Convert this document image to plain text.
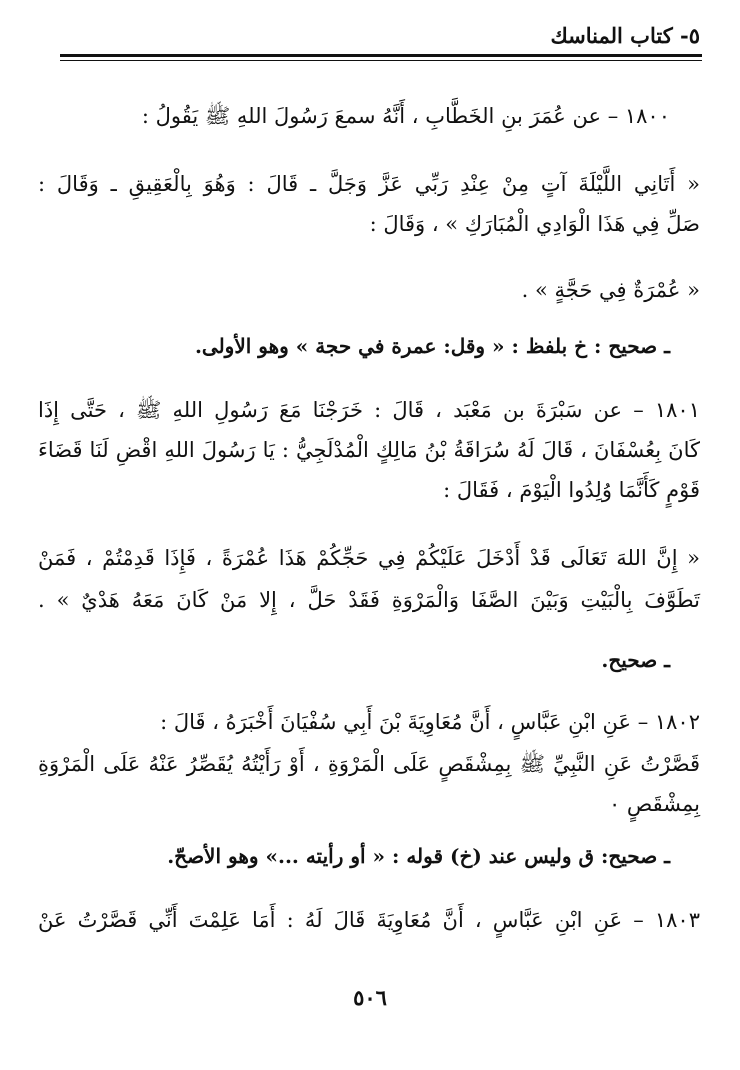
٥- كتاب المناسك
١٨٠٠ – عن عُمَرَ بنِ الخَطَّابِ ، أَنَّهُ سمعَ رَسُولَ اللهِ ﷺ يَقُولُ :
« أَتَانِي اللَّيْلَةَ آتٍ مِنْ عِنْدِ رَبِّي عَزَّ وَجَلَّ ـ قَالَ : وَهُوَ بِالْعَقِيقِ ـ وَقَالَ :
صَلِّ فِي هَذَا الْوَادِي الْمُبَارَكِ » ، وَقَالَ :
« عُمْرَةٌ فِي حَجَّةٍ » .
ـ صحيح : خ بلفظ : « وقل: عمرة في حجة » وهو الأولى.
١٨٠١ – عن سَبْرَةَ بن مَعْبَد ، قَالَ : خَرَجْنَا مَعَ رَسُولِ اللهِ ﷺ ، حَتَّى إِذَا
كَانَ بِعُسْفَانَ ، قَالَ لَهُ سُرَاقَةُ بْنُ مَالِكٍ الْمُدْلَجِيُّ : يَا رَسُولَ اللهِ اقْضِ لَنَا قَضَاءَ
قَوْمٍ كَأَنَّمَا وُلِدُوا الْيَوْمَ ، فَقَالَ :
« إِنَّ اللهَ تَعَالَى قَدْ أَدْخَلَ عَلَيْكُمْ فِي حَجِّكُمْ هَذَا عُمْرَةً ، فَإِذَا قَدِمْتُمْ ، فَمَنْ
تَطَوَّفَ بِالْبَيْتِ وَبَيْنَ الصَّفَا وَالْمَرْوَةِ فَقَدْ حَلَّ ، إِلا مَنْ كَانَ مَعَهُ هَدْيٌ » .
ـ صحيح.
١٨٠٢ – عَنِ ابْنِ عَبَّاسٍ ، أَنَّ مُعَاوِيَةَ بْنَ أَبِي سُفْيَانَ أَخْبَرَهُ ، قَالَ :
قَصَّرْتُ عَنِ النَّبِيِّ ﷺ بِمِشْقَصٍ عَلَى الْمَرْوَةِ ، أَوْ رَأَيْتُهُ يُقَصِّرُ عَنْهُ عَلَى الْمَرْوَةِ
بِمِشْقَصٍ ٠
ـ صحيح: ق وليس عند (خ) قوله : « أو رأيته ...» وهو الأصحّ.
١٨٠٣ – عَنِ ابْنِ عَبَّاسٍ ، أَنَّ مُعَاوِيَةَ قَالَ لَهُ : أَمَا عَلِمْتَ أَنِّي قَصَّرْتُ عَنْ
٥٠٦
